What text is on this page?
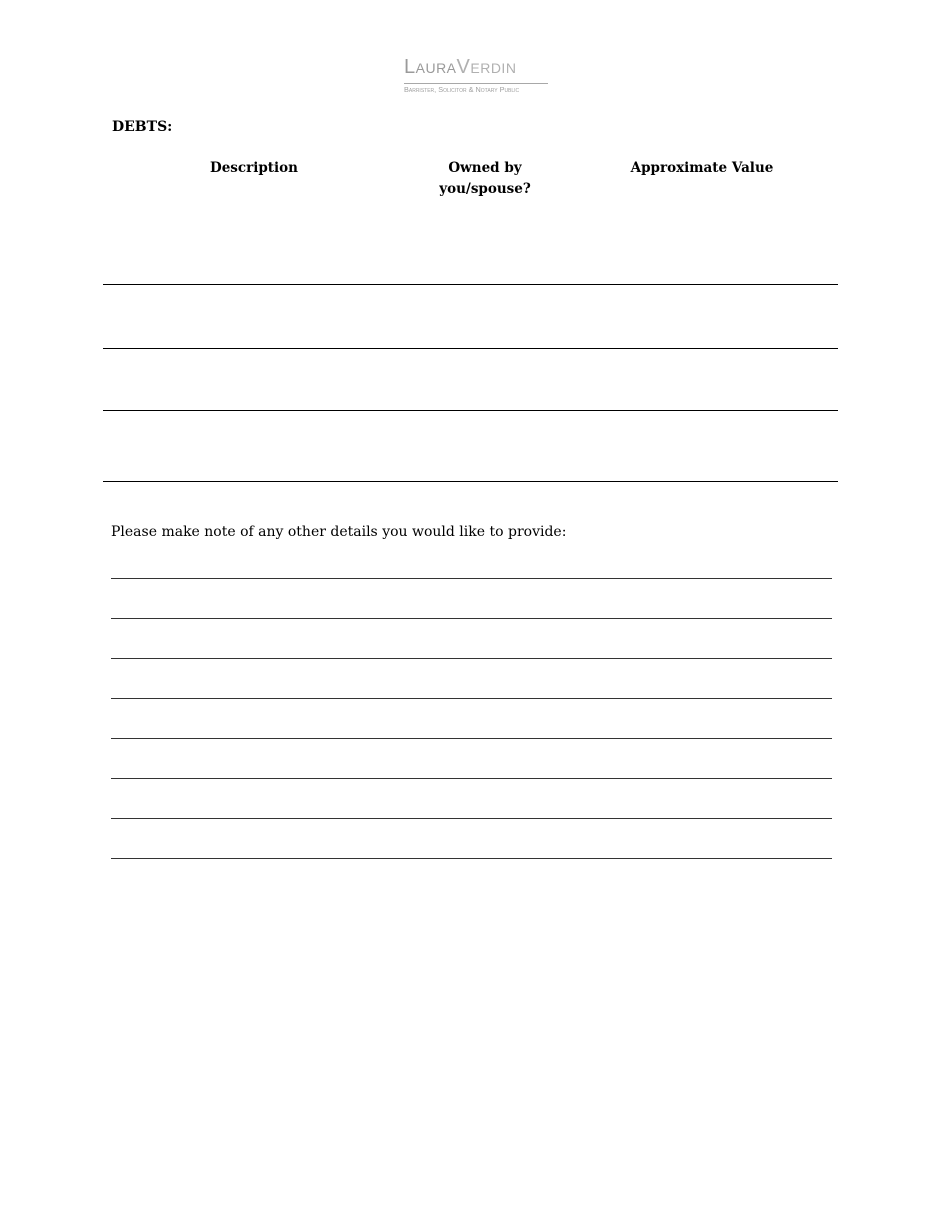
LauraVerdin
Barrister, Solicitor & Notary Public
DEBTS:
Description	Owned by
you/spouse?
Approximate Value
Please make note of any other details you would like to provide:
